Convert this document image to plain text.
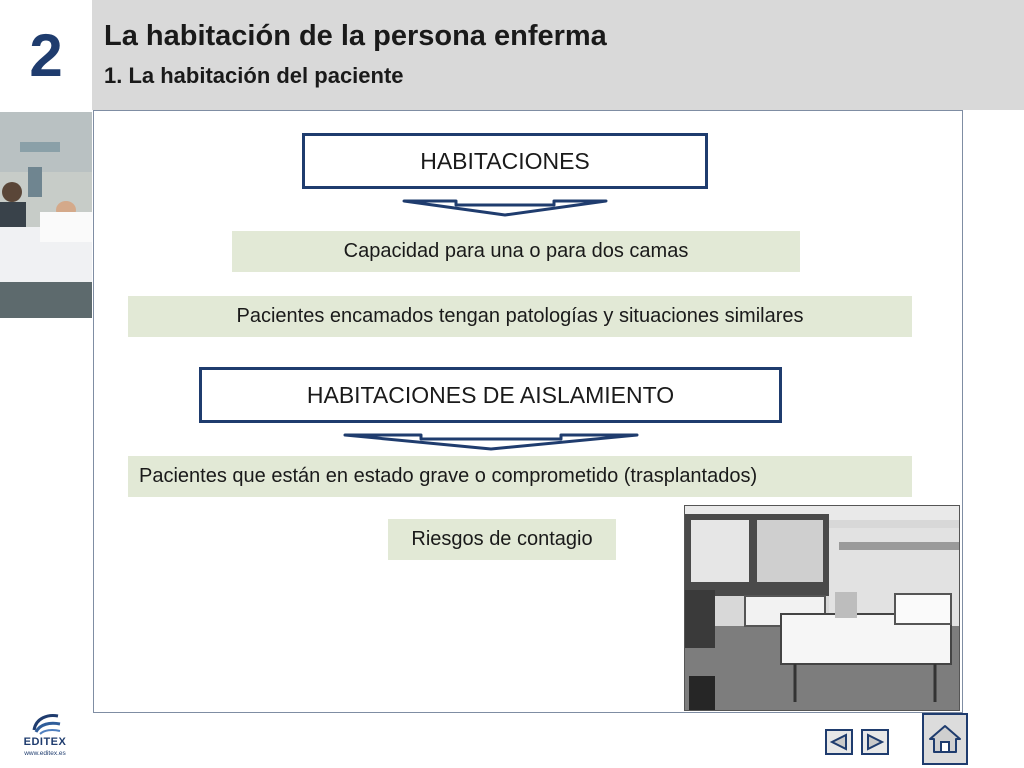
2	La habitación de la persona enferma
1. La habitación del paciente
HABITACIONES
Capacidad para una o para dos camas
Pacientes encamados tengan patologías y situaciones similares
HABITACIONES DE AISLAMIENTO
Pacientes que están en estado grave o comprometido (trasplantados)
Riesgos de contagio
EDITEX
www.editex.es
